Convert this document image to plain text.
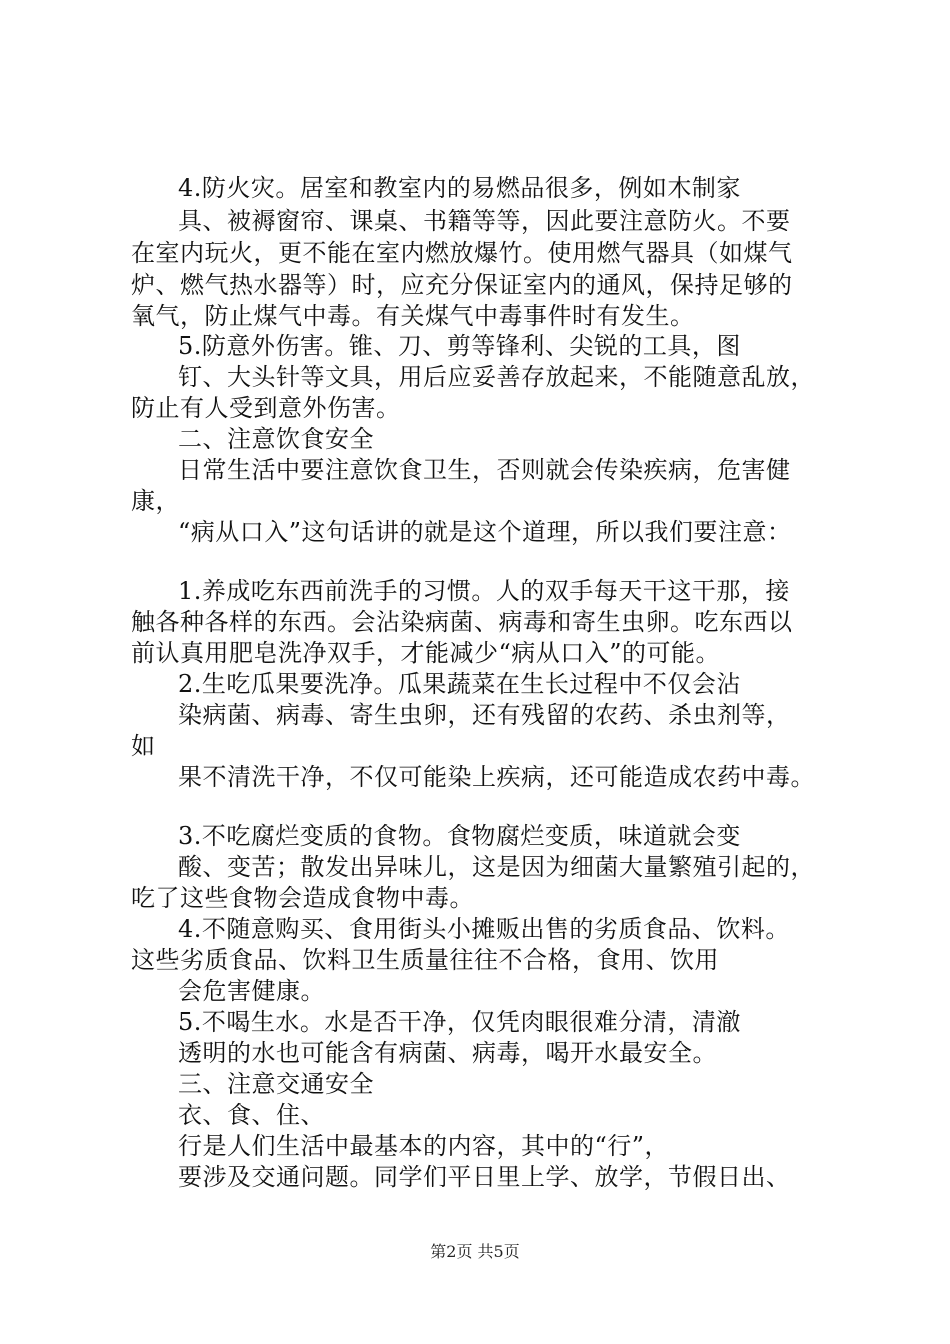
4.防火灾。居室和教室内的易燃品很多，例如木制家

具、被褥窗帘、课桌、书籍等等，因此要注意防火。不要

在室内玩火，更不能在室内燃放爆竹。使用燃气器具（如煤气

炉、燃气热水器等）时，应充分保证室内的通风，保持足够的

氧气，防止煤气中毒。有关煤气中毒事件时有发生。

5.防意外伤害。锥、刀、剪等锋利、尖锐的工具，图

钉、大头针等文具，用后应妥善存放起来，不能随意乱放，

防止有人受到意外伤害。

二、注意饮食安全

日常生活中要注意饮食卫生，否则就会传染疾病，危害健

康，

“病从口入”这句话讲的就是这个道理，所以我们要注意：

1.养成吃东西前洗手的习惯。人的双手每天干这干那，接

触各种各样的东西。会沾染病菌、病毒和寄生虫卵。吃东西以

前认真用肥皂洗净双手，才能减少“病从口入”的可能。

2.生吃瓜果要洗净。瓜果蔬菜在生长过程中不仅会沾

染病菌、病毒、寄生虫卵，还有残留的农药、杀虫剂等，

如

果不清洗干净，不仅可能染上疾病，还可能造成农药中毒。

3.不吃腐烂变质的食物。食物腐烂变质，味道就会变

酸、变苦；散发出异味儿，这是因为细菌大量繁殖引起的，

吃了这些食物会造成食物中毒。

4.不随意购买、食用街头小摊贩出售的劣质食品、饮料。

这些劣质食品、饮料卫生质量往往不合格，食用、饮用

会危害健康。

5.不喝生水。水是否干净，仅凭肉眼很难分清，清澈

透明的水也可能含有病菌、病毒，喝开水最安全。

三、注意交通安全

衣、食、住、

行是人们生活中最基本的内容，其中的“行”，

要涉及交通问题。同学们平日里上学、放学，节假日出、

第2页 共5页
